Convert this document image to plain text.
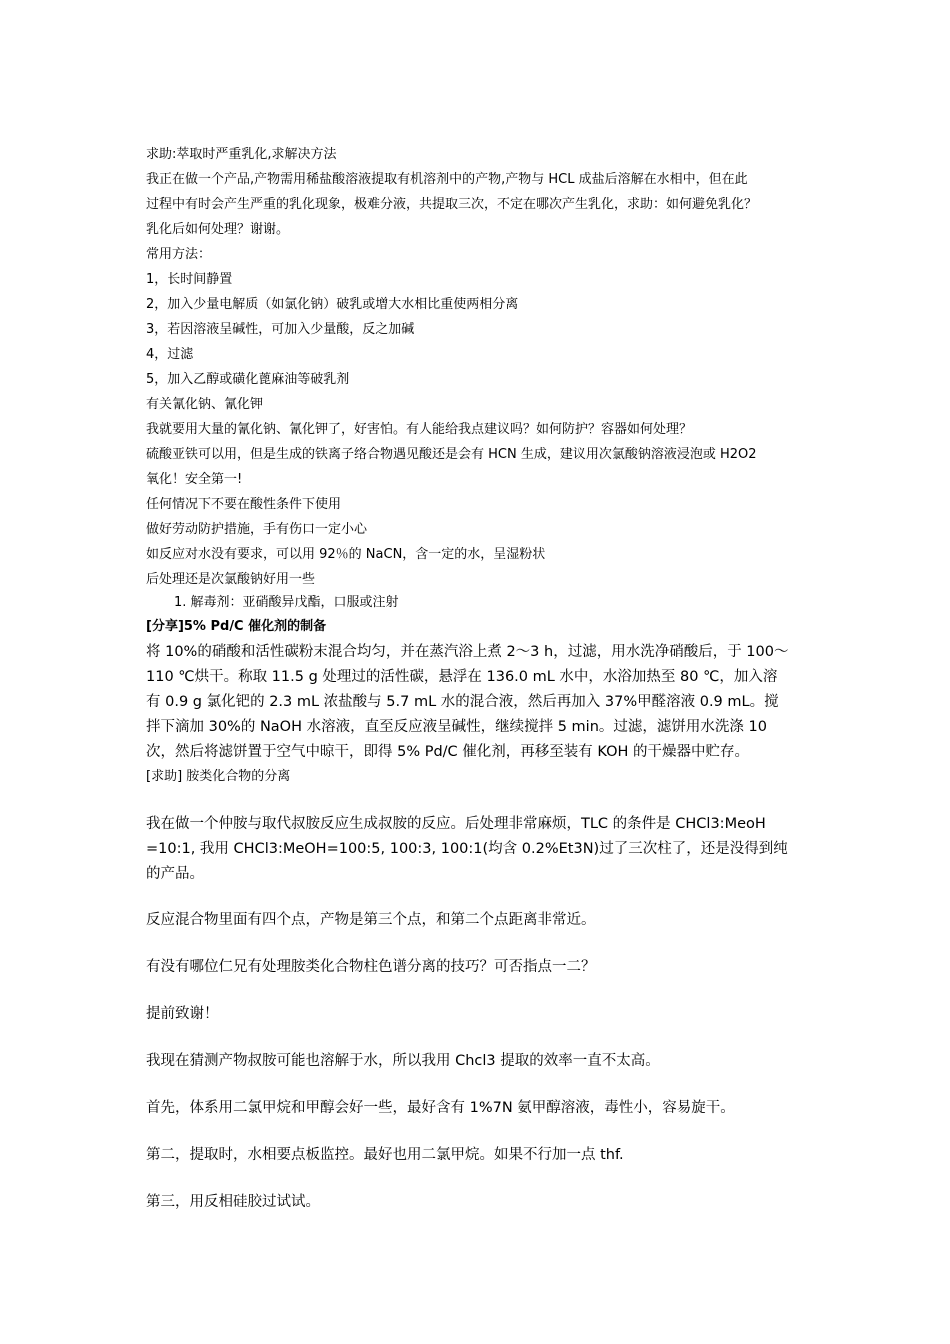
求助:萃取时严重乳化,求解决方法
我正在做一个产品,产物需用稀盐酸溶液提取有机溶剂中的产物,产物与 HCL 成盐后溶解在水相中，但在此
过程中有时会产生严重的乳化现象，极难分液，共提取三次，不定在哪次产生乳化，求助：如何避免乳化？
乳化后如何处理？谢谢。
常用方法：
1，长时间静置
2，加入少量电解质（如氯化钠）破乳或增大水相比重使两相分离
3，若因溶液呈碱性，可加入少量酸，反之加碱
4，过滤
5，加入乙醇或磺化蓖麻油等破乳剂
有关氰化钠、氰化钾
我就要用大量的氰化钠、氰化钾了，好害怕。有人能给我点建议吗？如何防护？容器如何处理？
硫酸亚铁可以用，但是生成的铁离子络合物遇见酸还是会有 HCN 生成，建议用次氯酸钠溶液浸泡或 H2O2
氧化！安全第一!
任何情况下不要在酸性条件下使用
做好劳动防护措施，手有伤口一定小心
如反应对水没有要求，可以用 92％的 NaCN，含一定的水，呈湿粉状
后处理还是次氯酸钠好用一些
1. 解毒剂：亚硝酸异戊酯，口服或注射
[分享]5% Pd/C 催化剂的制备
将 10%的硝酸和活性碳粉末混合均匀，并在蒸汽浴上煮 2～3 h，过滤，用水洗净硝酸后，于 100～
110 ℃烘干。称取 11.5 g 处理过的活性碳，悬浮在 136.0 mL 水中，水浴加热至 80 ℃，加入溶
有 0.9 g 氯化钯的 2.3 mL 浓盐酸与 5.7 mL 水的混合液，然后再加入 37%甲醛溶液 0.9 mL。搅
拌下滴加 30%的 NaOH 水溶液，直至反应液呈碱性，继续搅拌 5 min。过滤，滤饼用水洗涤 10
次，然后将滤饼置于空气中晾干，即得 5% Pd/C 催化剂，再移至装有 KOH 的干燥器中贮存。
[求助] 胺类化合物的分离
我在做一个仲胺与取代叔胺反应生成叔胺的反应。后处理非常麻烦，TLC 的条件是 CHCl3:MeoH
=10:1, 我用 CHCl3:MeOH=100:5, 100:3, 100:1(均含 0.2%Et3N)过了三次柱了，还是没得到纯
的产品。
反应混合物里面有四个点，产物是第三个点，和第二个点距离非常近。
有没有哪位仁兄有处理胺类化合物柱色谱分离的技巧？可否指点一二？
提前致谢！
我现在猜测产物叔胺可能也溶解于水，所以我用 Chcl3 提取的效率一直不太高。
首先，体系用二氯甲烷和甲醇会好一些，最好含有 1%7N 氨甲醇溶液，毒性小，容易旋干。
第二，提取时，水相要点板监控。最好也用二氯甲烷。如果不行加一点 thf.
第三，用反相硅胶过试试。
